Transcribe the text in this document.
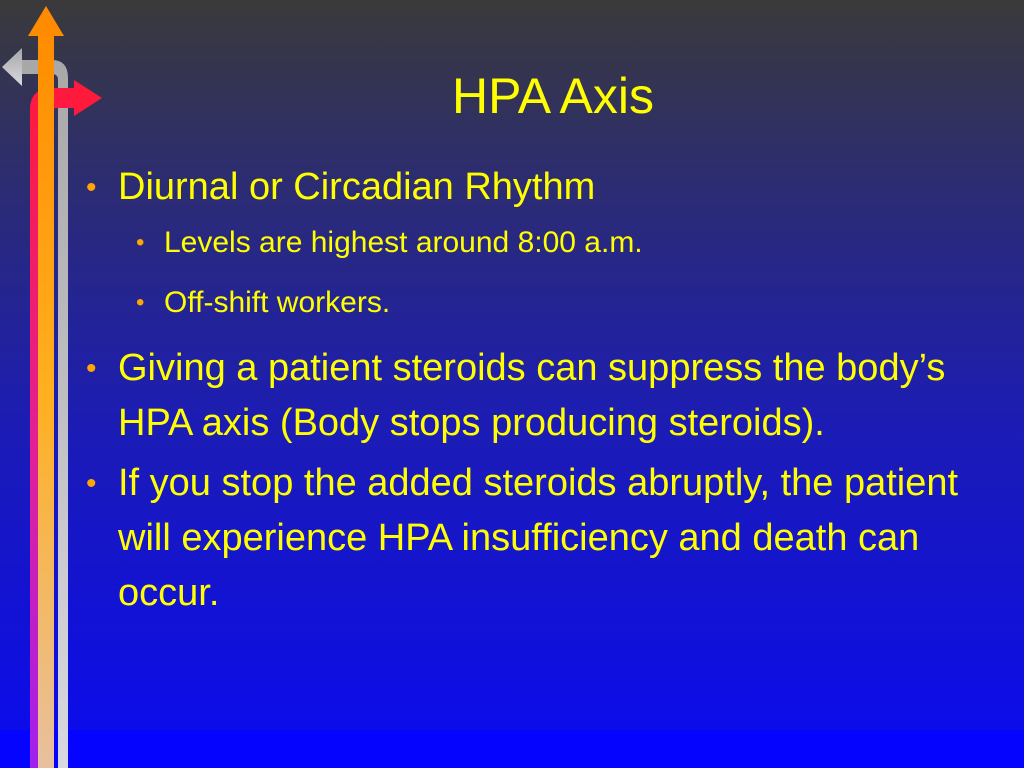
HPA Axis

• Diurnal or Circadian Rhythm

• Levels are highest around 8:00 a.m.

• Off-shift workers.

• Giving a patient steroids can suppress the body’s HPA axis (Body stops producing steroids).

• If you stop the added steroids abruptly, the patient will experience HPA insufficiency and death can occur.
